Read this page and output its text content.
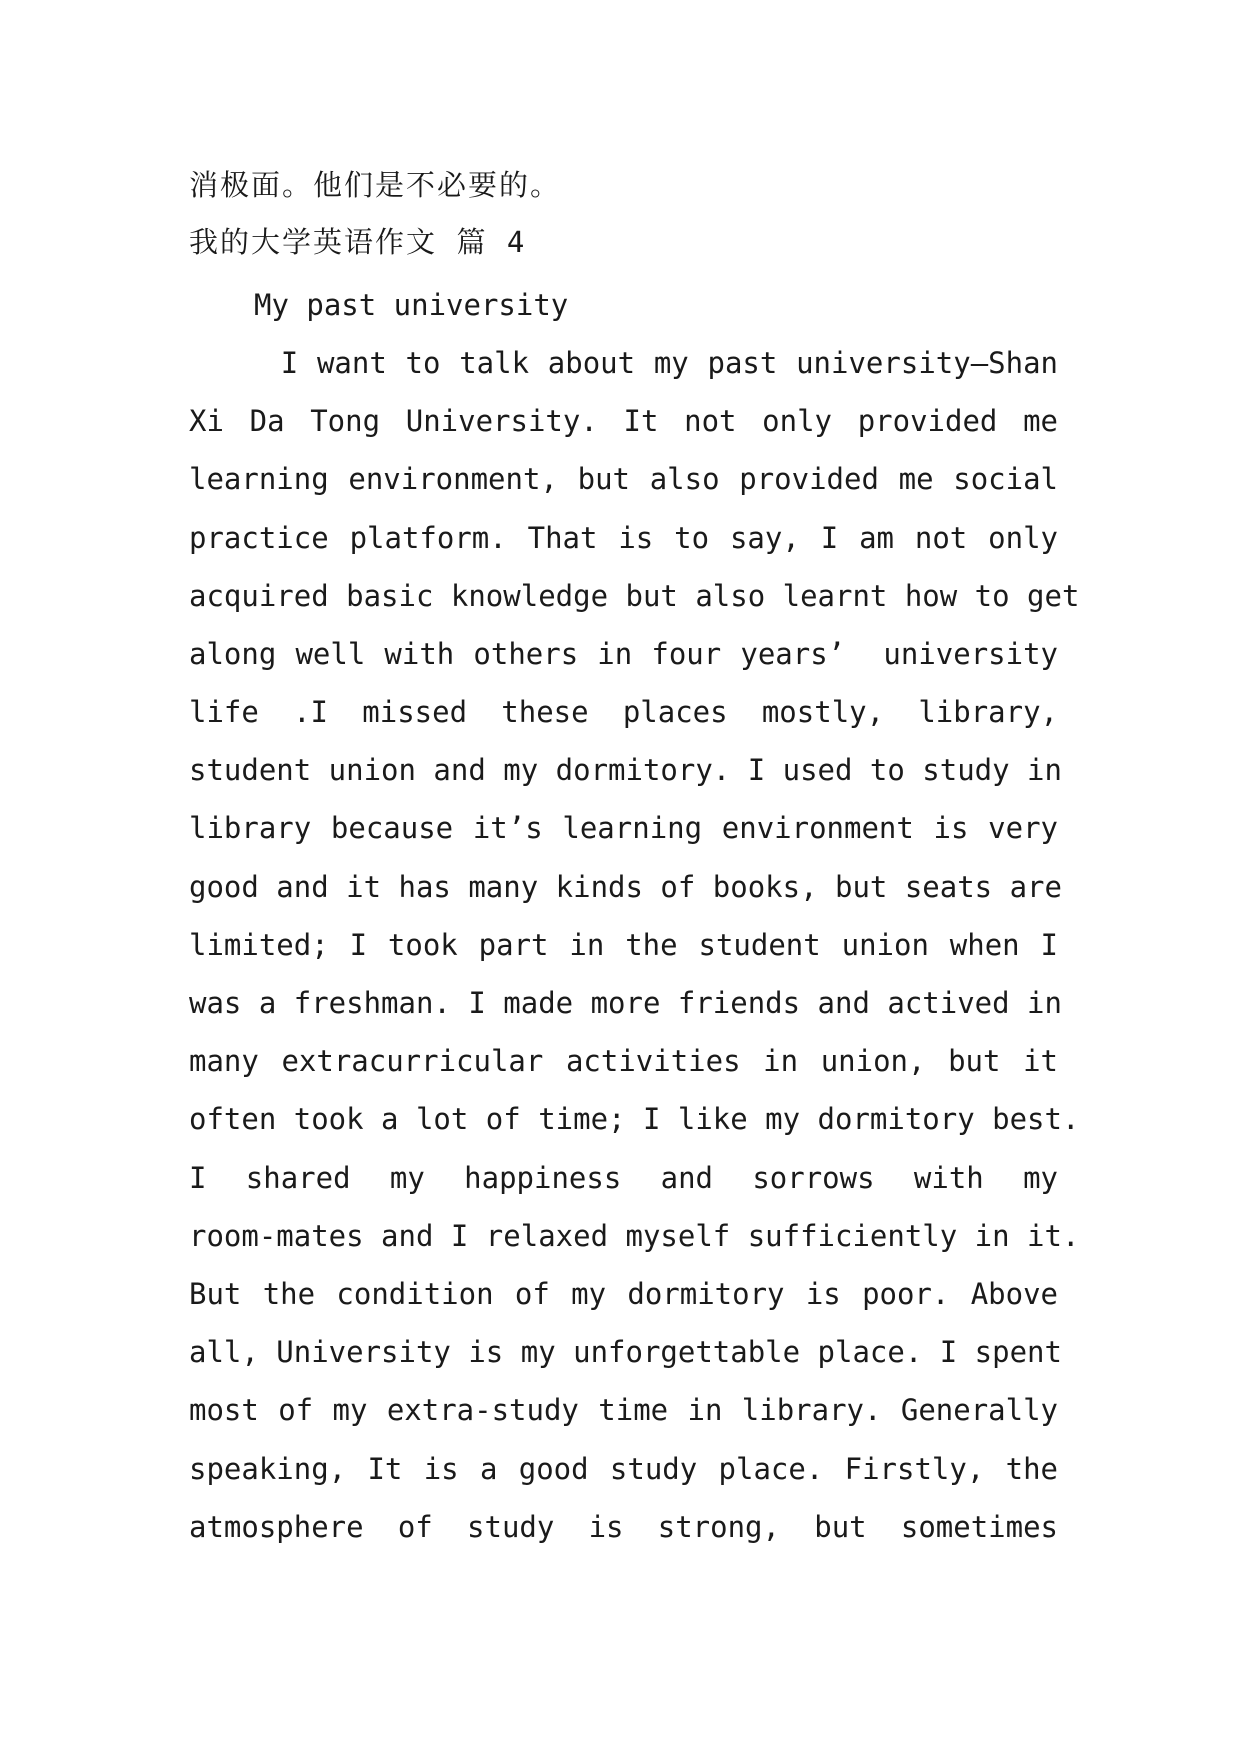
消极面。他们是不必要的。
我的大学英语作文 篇 4
My past university
I want to talk about my past university—Shan
Xi Da Tong University. It not only provided me
learning environment, but also provided me social
practice platform. That is to say, I am not only
acquired basic knowledge but also learnt how to get
along well with others in four years’  university
life .I missed these places mostly, library,
student union and my dormitory. I used to study in
library because it’s learning environment is very
good and it has many kinds of books, but seats are
limited; I took part in the student union when I
was a freshman. I made more friends and actived in
many extracurricular activities in union, but it
often took a lot of time; I like my dormitory best.
I shared my happiness and sorrows with my
room-mates and I relaxed myself sufficiently in it.
But the condition of my dormitory is poor. Above
all, University is my unforgettable place. I spent
most of my extra-study time in library. Generally
speaking, It is a good study place. Firstly, the
atmosphere of study is strong, but sometimes
